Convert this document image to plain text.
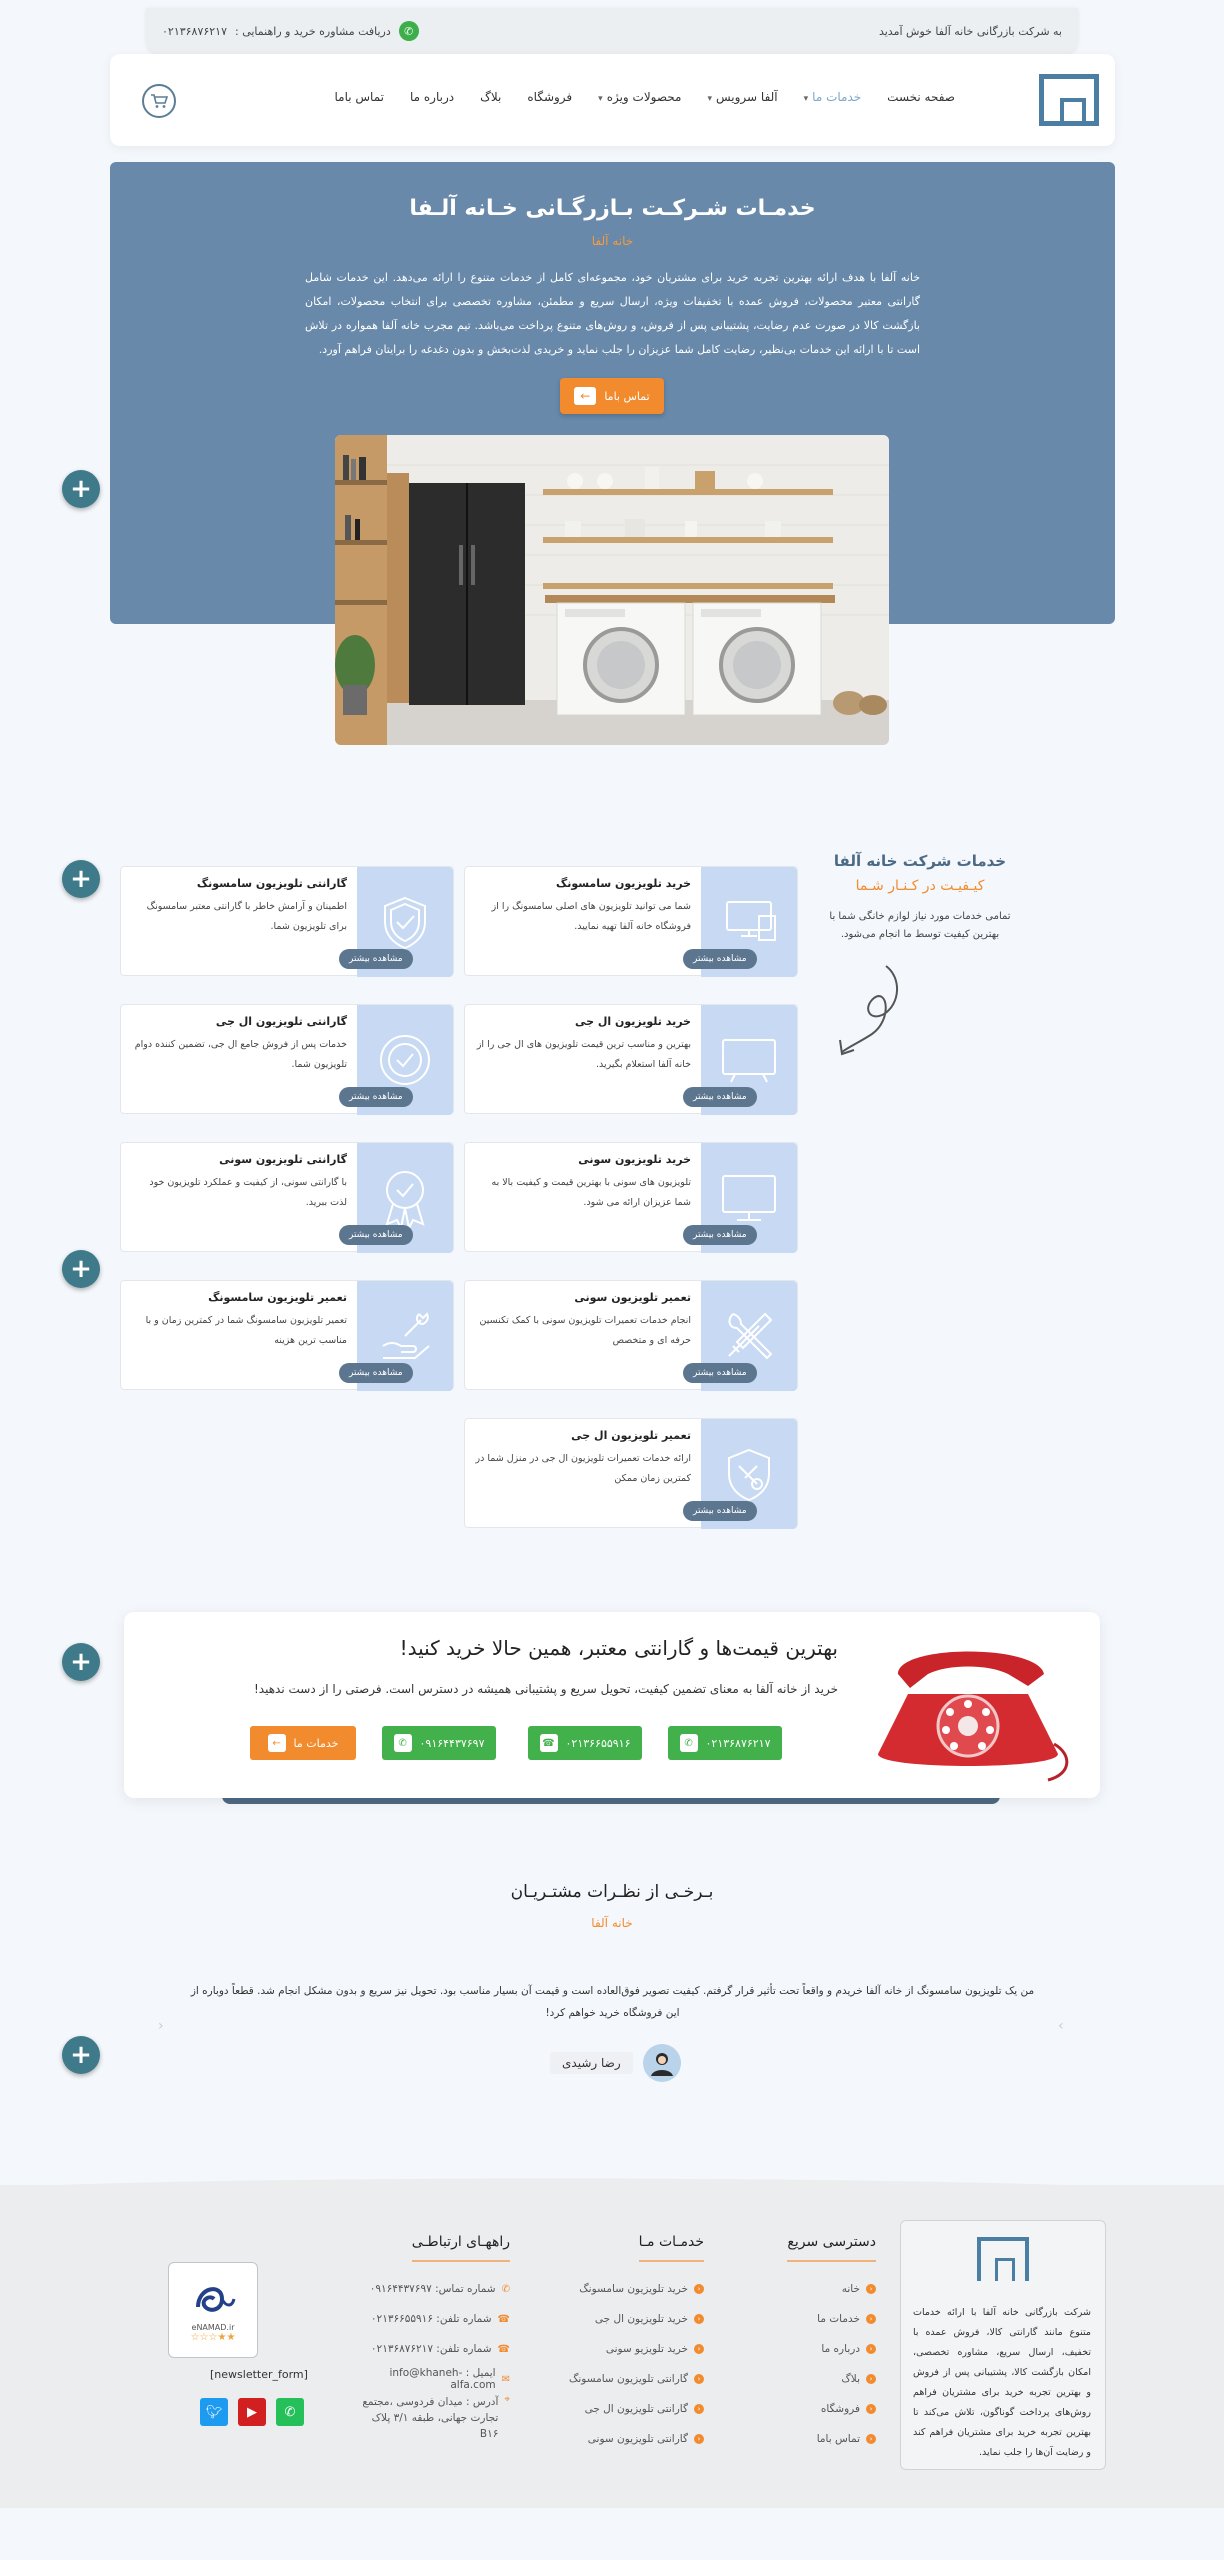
به شرکت بازرگانی خانه آلفا خوش آمدید
✆
دریافت مشاوره خرید و راهنمایی :
۰۲۱۳۶۸۷۶۲۱۷
صفحه نخست
خدمات ما▾
آلفا سرویس▾
محصولات ویژه▾
فروشگاه
بلاگ
درباره ما
تماس باما
خدمـات شـرکـت بـازرگـانی خـانه آلـفا
خانه آلفا

خانه آلفا با هدف ارائه بهترین تجربه خرید برای مشتریان خود، مجموعه‌ای کامل از خدمات متنوع را ارائه می‌دهد. این خدمات شامل گارانتی معتبر محصولات، فروش عمده با تخفیفات ویژه، ارسال سریع و مطمئن، مشاوره تخصصی برای انتخاب محصولات، امکان بازگشت کالا در صورت عدم رضایت، پشتیبانی پس از فروش، و روش‌های متنوع پرداخت می‌باشد. تیم مجرب خانه آلفا همواره در تلاش است تا با ارائه این خدمات بی‌نظیر، رضایت کامل شما عزیزان را جلب نماید و خریدی لذت‌بخش و بدون دغدغه را برایتان فراهم آورد.

تماس باما
←
+
+
+
+
+
خدمات شرکت خانه آلفا
کیـفیـت در کـنـار شـما

تمامی خدمات مورد نیاز لوازم خانگی شما با بهترین کیفیت توسط ما انجام می‌شود.

خرید تلویزیون سامسونگ

شما می توانید تلویزیون های اصلی سامسونگ را از فروشگاه خانه آلفا تهیه نمایید.

مشاهده بیشتر
گارانتی تلویزیون سامسونگ

اطمینان و آرامش خاطر با گارانتی معتبر سامسونگ برای تلویزیون شما.

مشاهده بیشتر
خرید تلویزیون ال جی

بهترین و مناسب ترین قیمت تلویزیون های ال جی را از خانه آلفا استعلام بگیرید.

مشاهده بیشتر
گارانتی تلویزیون ال جی

خدمات پس از فروش جامع ال جی، تضمین کننده دوام تلویزیون شما.

مشاهده بیشتر
خرید تلویزیون سونی

تلویزیون های سونی با بهترین قیمت و کیفیت بالا به شما عزیزان ارائه می شود.

مشاهده بیشتر
گارانتی تلویزیون سونی

با گارانتی سونی، از کیفیت و عملکرد تلویزیون خود لذت ببرید.

مشاهده بیشتر
تعمیر تلویزیون سونی

انجام خدمات تعمیرات تلویزیون سونی با کمک تکنسین حرفه ای و متخصص

مشاهده بیشتر
تعمیر تلویزیون سامسونگ

تعمیر تلویزیون سامسونگ شما در کمترین زمان و با مناسب ترین هزینه

مشاهده بیشتر
تعمیر تلویزیون ال جی

ارائه خدمات تعمیرات تلویزیون ال جی در منزل شما در کمترین زمان ممکن

مشاهده بیشتر
بهترین قیمت‌ها و گارانتی معتبر، همین حالا خرید کنید!

خرید از خانه آلفا به معنای تضمین کیفیت، تحویل سریع و پشتیبانی همیشه در دسترس است. فرصتی را از دست ندهید!

۰۲۱۳۶۸۷۶۲۱۷
✆
۰۲۱۳۶۶۵۵۹۱۶
☎
۰۹۱۶۴۴۳۷۶۹۷
✆
خدمات ما
←
بـرخـی از نظـرات مشتـریـان
خانه آلفا
‹	›
من یک تلویزیون سامسونگ از خانه آلفا خریدم و واقعاً تحت تأثیر قرار گرفتم. کیفیت تصویر فوق‌العاده است و قیمت آن بسیار مناسب بود. تحویل نیز سریع و بدون مشکل انجام شد. قطعاً دوباره از این فروشگاه خرید خواهم کرد!
رضا رشیدی

شرکت بازرگانی خانه آلفا با ارائه خدمات متنوع مانند گارانتی کالا، فروش عمده با تخفیف، ارسال سریع، مشاوره تخصصی، امکان بازگشت کالا، پشتیبانی پس از فروش و بهترین تجربه خرید برای مشتریان فراهم روش‌های پرداخت گوناگون، تلاش می‌کند تا بهترین تجربه خرید برای مشتریان فراهم کند و رضایت آن‌ها را جلب نماید.

دسترسی سریع
‹
خانه
‹
خدمات ما
‹
درباره ما
‹
بلاگ
‹
فروشگاه
‹
تماس باما
خدمـات مـا
‹
خرید تلویزیون سامسونگ
‹
خرید تلویزیون ال جی
‹
خرید تلویزیو سونی
‹
گارانتی تلویزیون سامسونگ
‹
گارانتی تلویزیون ال جی
‹
گارانتی تلویزیون سونی
راههـای ارتباطـی
✆
شماره تماس: ۰۹۱۶۴۴۳۷۶۹۷
☎
شماره تلفن: ۰۲۱۳۶۶۵۵۹۱۶
☎
شماره تلفن: ۰۲۱۳۶۸۷۶۲۱۷
✉
ایمیل : info@khaneh-alfa.com
⌖
آدرس : میدان فردوسی ،مجتمع تجارت جهانی، طبقه ۳/۱ پلاک B۱۶
eNAMAD.ir
★★☆☆☆
[newsletter_form]
✆
▶
🐦︎
